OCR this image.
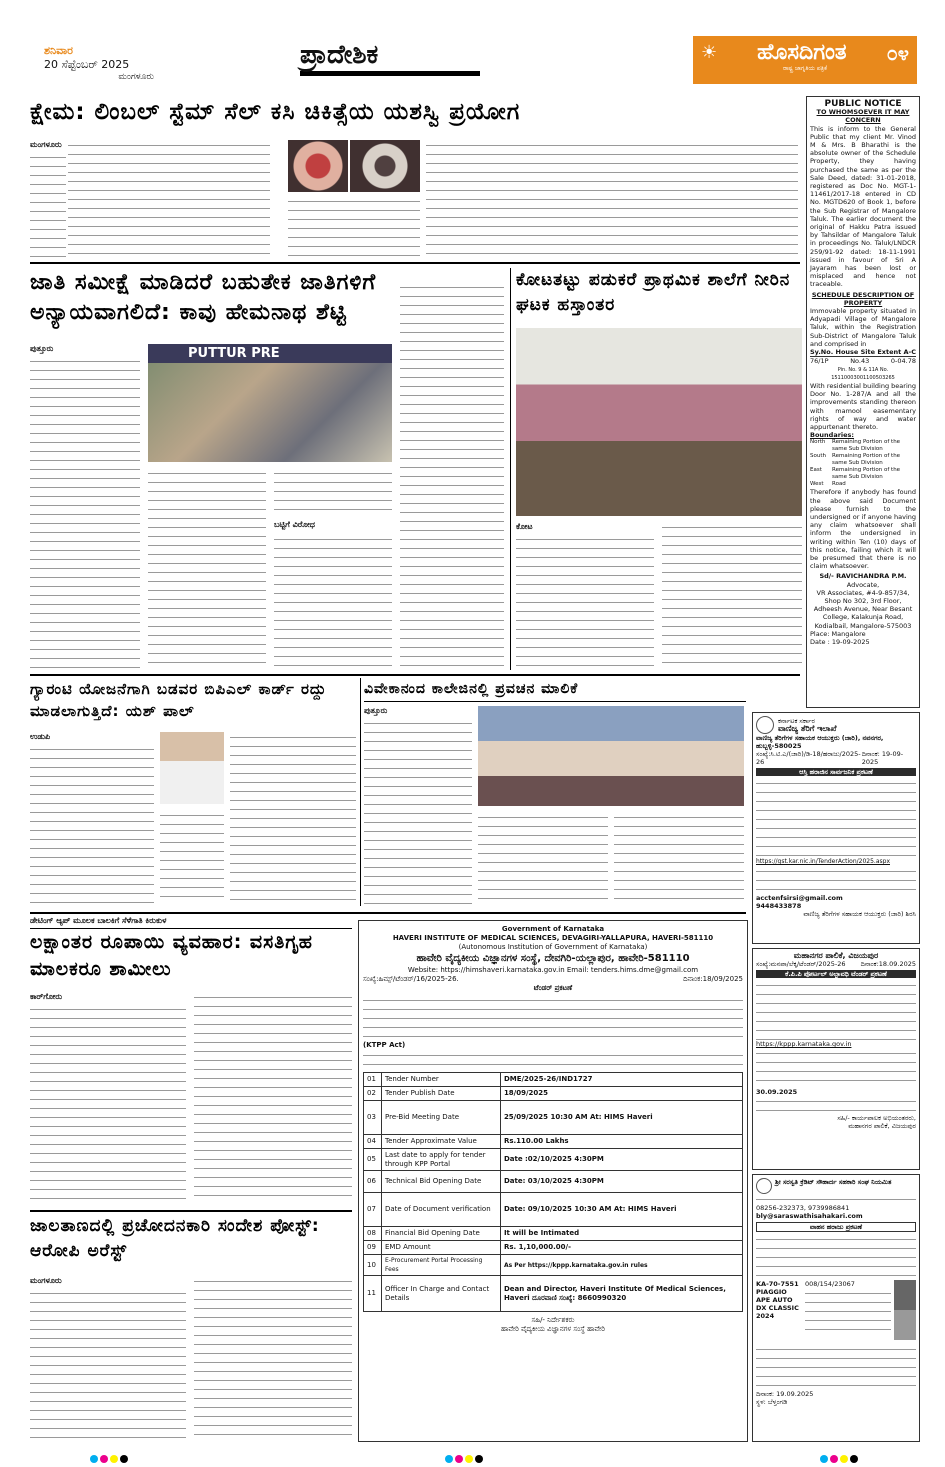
ಶನಿವಾರ
20 ಸೆಪ್ಟೆಂಬರ್ 2025
ಮಂಗಳೂರು
ಪ್ರಾದೇಶಿಕ	☀ ಹೊಸದಿಗಂತ ೦೪
ರಾಷ್ಟ್ರ ಜಾಗೃತಿಯ ಪತ್ರಿಕೆ
ಕ್ಷೇಮ: ಲಿಂಬಲ್ ಸ್ಟೆಮ್ ಸೆಲ್ ಕಸಿ ಚಿಕಿತ್ಸೆಯ ಯಶಸ್ವಿ ಪ್ರಯೋಗ
ಮಂಗಳೂರು
PUBLIC NOTICE
TO WHOMSOEVER IT MAY CONCERN
This is inform to the General Public that my client Mr. Vinod M & Mrs. B Bharathi is the absolute owner of the Schedule Property, they having purchased the same as per the Sale Deed, dated: 31-01-2018, registered as Doc No. MGT-1-11461/2017-18 entered in CD No. MGTD620 of Book 1, before the Sub Registrar of Mangalore Taluk. The earlier document the original of Hakku Patra issued by Tahsildar of Mangalore Taluk in proceedings No. Taluk/LNDCR 259/91-92 dated: 18-11-1991 issued in favour of Sri A Jayaram has been lost or misplaced and hence not traceable.
SCHEDULE DESCRIPTION OF PROPERTY
Immovable property situated in Adyapadi Village of Mangalore Taluk, within the Registration Sub-District of Mangalore Taluk and comprised in
Sy.No. House Site Extent A-C
76/1P	No.43	0-04.78
Pin. No. 9 & 11A No. 15110003001100503265
With residential building bearing Door No. 1-287/A and all the improvements standing thereon with mamool easementary rights of way and water appurtenant thereto.
Boundaries:
North	Remaining Portion of the same Sub Division
South	Remaining Portion of the same Sub Division
East	Remaining Portion of the same Sub Division
West	Road
Therefore if anybody has found the above said Document please furnish to the undersigned or if anyone having any claim whatsoever shall inform the undersigned in writing within Ten (10) days of this notice, failing which it will be presumed that there is no claim whatsoever.
Sd/- RAVICHANDRA P.M.
Advocate,
VR Associates, #4-9-857/34, Shop No 302, 3rd Floor, Adheesh Avenue, Near Besant College, Kalakunja Road, Kodialbail, Mangalore-575003
Place: Mangalore
Date : 19-09-2025
ಜಾತಿ ಸಮೀಕ್ಷೆ ಮಾಡಿದರೆ ಬಹುತೇಕ ಜಾತಿಗಳಿಗೆ ಅನ್ಯಾಯವಾಗಲಿದೆ: ಕಾವು ಹೇಮನಾಥ ಶೆಟ್ಟಿ
ಪುತ್ತೂರು	PUTTUR PRE
ಬಟ್ಟಿಗೆ ವಿರೋಧ
ಕೋಟತಟ್ಟು ಪಡುಕರೆ ಪ್ರಾಥಮಿಕ ಶಾಲೆಗೆ ನೀರಿನ ಘಟಕ ಹಸ್ತಾಂತರ
ಕೋಟ
ಗ್ಯಾರಂಟಿ ಯೋಜನೆಗಾಗಿ ಬಡವರ ಬಿಪಿಎಲ್ ಕಾರ್ಡ್ ರದ್ದು ಮಾಡಲಾಗುತ್ತಿದೆ: ಯಶ್ ಪಾಲ್
ಉಡುಪಿ
ವಿವೇಕಾನಂದ ಕಾಲೇಜಿನಲ್ಲಿ ಪ್ರವಚನ ಮಾಲಿಕೆ
ಪುತ್ತೂರು
ಕರ್ನಾಟಕ ಸರ್ಕಾರ
ವಾಣಿಜ್ಯ ತೆರಿಗೆ ಇಲಾಖೆ
ವಾಣಿಜ್ಯ ತೆರಿಗೆಗಳ ಸಹಾಯಕ ಆಯುಕ್ತರು (ಜಾರಿ), ನವನಗರ, ಹುಬ್ಬಳ್ಳಿ-580025
ಸಂಖ್ಯೆ:ಸಿ.ಟಿ.ಎ/(ಜಾರಿ)/ಡಿ-18/ಹರಾಜು/2025-26
ದಿನಾಂಕ: 19-09-2025
ಆಸ್ತಿ ಹರಾಜಿನ ಸಾರ್ವಜನಿಕ ಪ್ರಕಟಣೆ
https://gst.kar.nic.in/TenderAction/2025.aspx
acctenfsirsi@gmail.com
9448433878
ವಾಣಿಜ್ಯ ತೆರಿಗೆಗಳ ಸಹಾಯಕ ಆಯುಕ್ತರು (ಜಾರಿ) ಶಿರಸಿ
ಡೇಟಿಂಗ್ ಆ್ಯಪ್ ಮೂಲಕ ಬಾಲಕಿಗೆ ಸೆಳೆಗಾತಿ ಕಿರುಕುಳ
ಲಕ್ಷಾಂತರ ರೂಪಾಯಿ ವ್ಯವಹಾರ: ವಸತಿಗೃಹ ಮಾಲಕರೂ ಶಾಮೀಲು
ಕಾರ್‌ಗೋರು
Government of Karnataka
HAVERI INSTITUTE OF MEDICAL SCIENCES, DEVAGIRI-YALLAPURA, HAVERI-581110
(Autonomous Institution of Government of Karnataka)
ಹಾವೇರಿ ವೈದ್ಯಕೀಯ ವಿಜ್ಞಾನಗಳ ಸಂಸ್ಥೆ, ದೇವಗಿರಿ-ಯಲ್ಲಾಪುರ, ಹಾವೇರಿ-581110
Website: https://himshaveri.karnataka.gov.in Email: tenders.hims.dme@gmail.com
ಸಂಖ್ಯೆ:ಹಿಮ್ಸ್/ಟೆಂಡರ್/16/2025-26.	ದಿನಾಂಕ:18/09/2025
ಟೆಂಡರ್ ಪ್ರಕಟಣೆ
(KTPP Act)
01	Tender Number	DME/2025-26/IND1727
02	Tender Publish Date	18/09/2025
03	Pre-Bid Meeting Date	25/09/2025 10:30 AM At: HIMS Haveri
04	Tender Approximate Value	Rs.110.00 Lakhs
05	Last date to apply for tender through KPP Portal	Date :02/10/2025 4:30PM
06	Technical Bid Opening Date	Date: 03/10/2025 4:30PM
07	Date of Document verification	Date: 09/10/2025 10:30 AM At: HIMS Haveri
08	Financial Bid Opening Date	It will be Intimated
09	EMD Amount	Rs. 1,10,000.00/-
10	E-Procurement Portal Processing Fees	As Per https://kppp.karnataka.gov.in rules
11	Officer In Charge and Contact Details	Dean and Director, Haveri Institute Of Medical Sciences, Haveri ದೂರವಾಣಿ ಸಂಖ್ಯೆ: 8660990320
ಸಹಿ/- ನಿರ್ದೇಶಕರು
ಹಾವೇರಿ ವೈದ್ಯಕೀಯ ವಿಜ್ಞಾನಗಳ ಸಂಸ್ಥೆ ಹಾವೇರಿ
ಮಹಾನಗರ ಪಾಲಿಕೆ, ವಿಜಯಪುರ
ಸಂಖ್ಯೆ:ಮನಪಾ/ಲೆಕ್ಕ/ಟೆಂಡರ್/2025-26 ದಿನಾಂಕ:18.09.2025
ಕೆ.ಪಿ.ಪಿ ಪೋರ್ಟಲ್ ಅಲ್ಪಾವಧಿ ಟೆಂಡರ್ ಪ್ರಕಟಣೆ
https://kppp.karnataka.gov.in
30.09.2025
ಸಹಿ/- ಕಾರ್ಯಪಾಲಕ ಅಭಿಯಂತರರು,
ಮಹಾನಗರ ಪಾಲಿಕೆ, ವಿಜಯಪುರ
ಶ್ರೀ ಸರಸ್ವತಿ ಕ್ರೆಡಿಟ್ ಸೌಹಾರ್ದ ಸಹಕಾರಿ ಸಂಘ ನಿಯಮಿತ
08256-232373, 9739986841
bly@saraswathisahakari.com
ವಾಹನ ಹರಾಜು ಪ್ರಕಟಣೆ
KA-70-7551
PIAGGIO APE AUTO DX CLASSIC
2024
008/154/23067
ದಿನಾಂಕ: 19.09.2025
ಸ್ಥಳ: ಬೆಳ್ತಂಗಡಿ
ಜಾಲತಾಣದಲ್ಲಿ ಪ್ರಚೋದನಕಾರಿ ಸಂದೇಶ ಪೋಸ್ಟ್: ಆರೋಪಿ ಅರೆಸ್ಟ್
ಮಂಗಳೂರು
